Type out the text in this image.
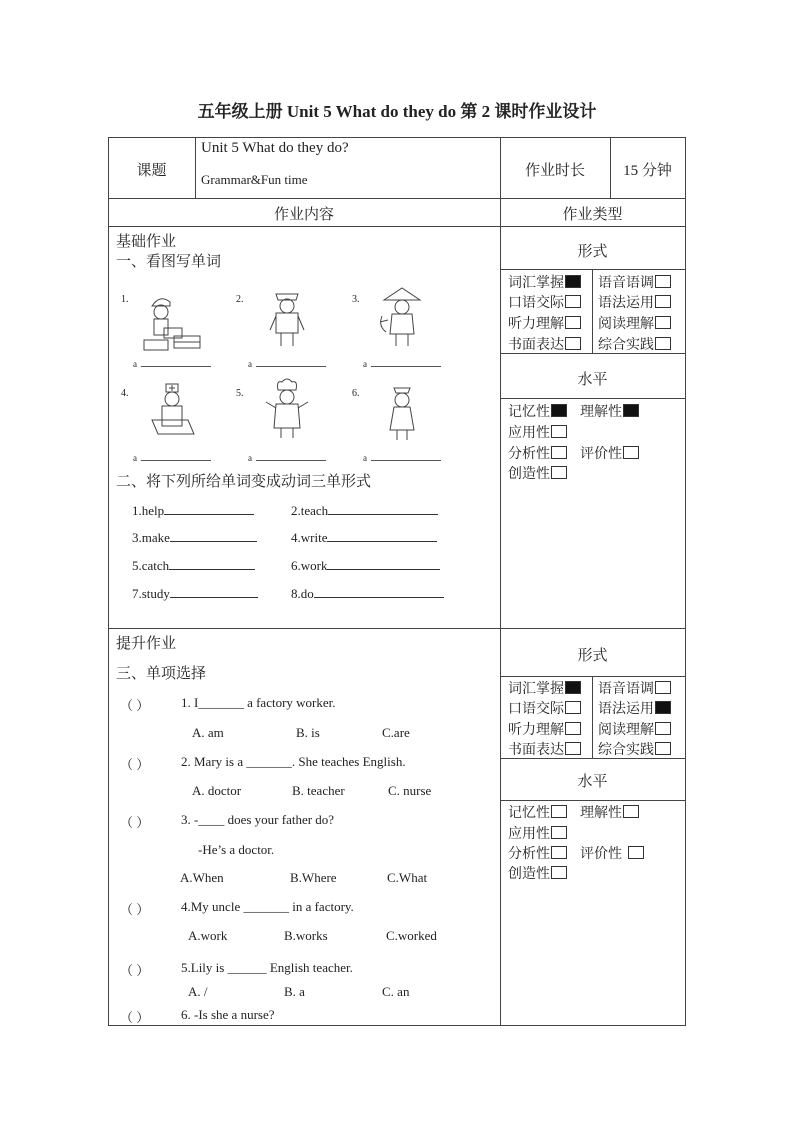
五年级上册 Unit 5 What do they do 第 2 课时作业设计
课题
Unit 5 What do they do?
Grammar&Fun time
作业时长	15 分钟
作业内容	作业类型
基础作业
一、看图写单词
1.
a
2.
a
3.
a
4.
a
5.
a
6.
a
二、将下列所给单词变成动词三单形式
1.help	2.teach
3.make	4.write
5.catch	6.work
7.study	8.do
提升作业
三、单项选择
（ ） 1. I_______ a factory worker.
A. am	B. is	C.are
（ ） 2. Mary is a _______. She teaches English.
A. doctor	B. teacher	C. nurse
（ ） 3. -____ does your father do?
-He’s a doctor.
A.When	B.Where	C.What
（ ） 4.My uncle _______ in a factory.
A.work	B.works	C.worked
（ ） 5.Lily is ______ English teacher.
A. /	B. a	C. an
（ ） 6. -Is she a nurse?
形式
词汇掌握	语音语调
口语交际	语法运用
听力理解	阅读理解
书面表达	综合实践
水平
记忆性	理解性
应用性
分析性	评价性
创造性
形式
词汇掌握	语音语调
口语交际	语法运用
听力理解	阅读理解
书面表达	综合实践
水平
记忆性	理解性
应用性
分析性	评价性
创造性
